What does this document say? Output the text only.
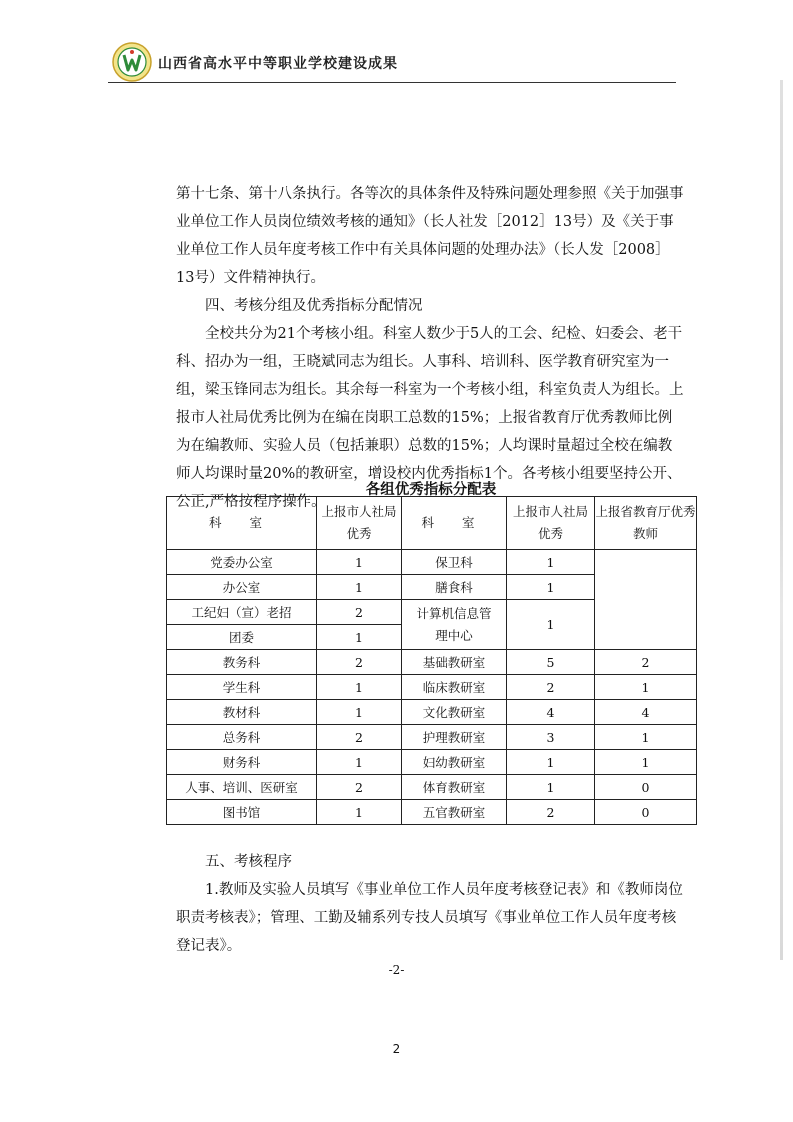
山西省高水平中等职业学校建设成果

第十七条、第十八条执行。各等次的具体条件及特殊问题处理参照《关于加强事业单位工作人员岗位绩效考核的通知》（长人社发［2012］13号）及《关于事业单位工作人员年度考核工作中有关具体问题的处理办法》（长人发［2008］13号）文件精神执行。

四、考核分组及优秀指标分配情况

全校共分为21个考核小组。科室人数少于5人的工会、纪检、妇委会、老干科、招办为一组，王晓斌同志为组长。人事科、培训科、医学教育研究室为一组，梁玉锋同志为组长。其余每一科室为一个考核小组，科室负责人为组长。上报市人社局优秀比例为在编在岗职工总数的15%；上报省教育厅优秀教师比例为在编教师、实验人员（包括兼职）总数的15%；人均课时量超过全校在编教师人均课时量20%的教研室，增设校内优秀指标1个。各考核小组要坚持公开、公正,严格按程序操作。

各组优秀指标分配表
科 室	上报市人社局优秀	科 室	上报市人社局优秀	上报省教育厅优秀教师
党委办公室	1	保卫科	1	
办公室	1	膳食科	1	
工纪妇（宣）老招	2	计算机信息管理中心	1	
团委	1			
教务科	2	基础教研室	5	2
学生科	1	临床教研室	2	1
教材科	1	文化教研室	4	4
总务科	2	护理教研室	3	1
财务科	1	妇幼教研室	1	1
人事、培训、医研室	2	体育教研室	1	0
图书馆	1	五官教研室	2	0

五、考核程序

1.教师及实验人员填写《事业单位工作人员年度考核登记表》和《教师岗位职责考核表》；管理、工勤及辅系列专技人员填写《事业单位工作人员年度考核登记表》。

-2-
2
